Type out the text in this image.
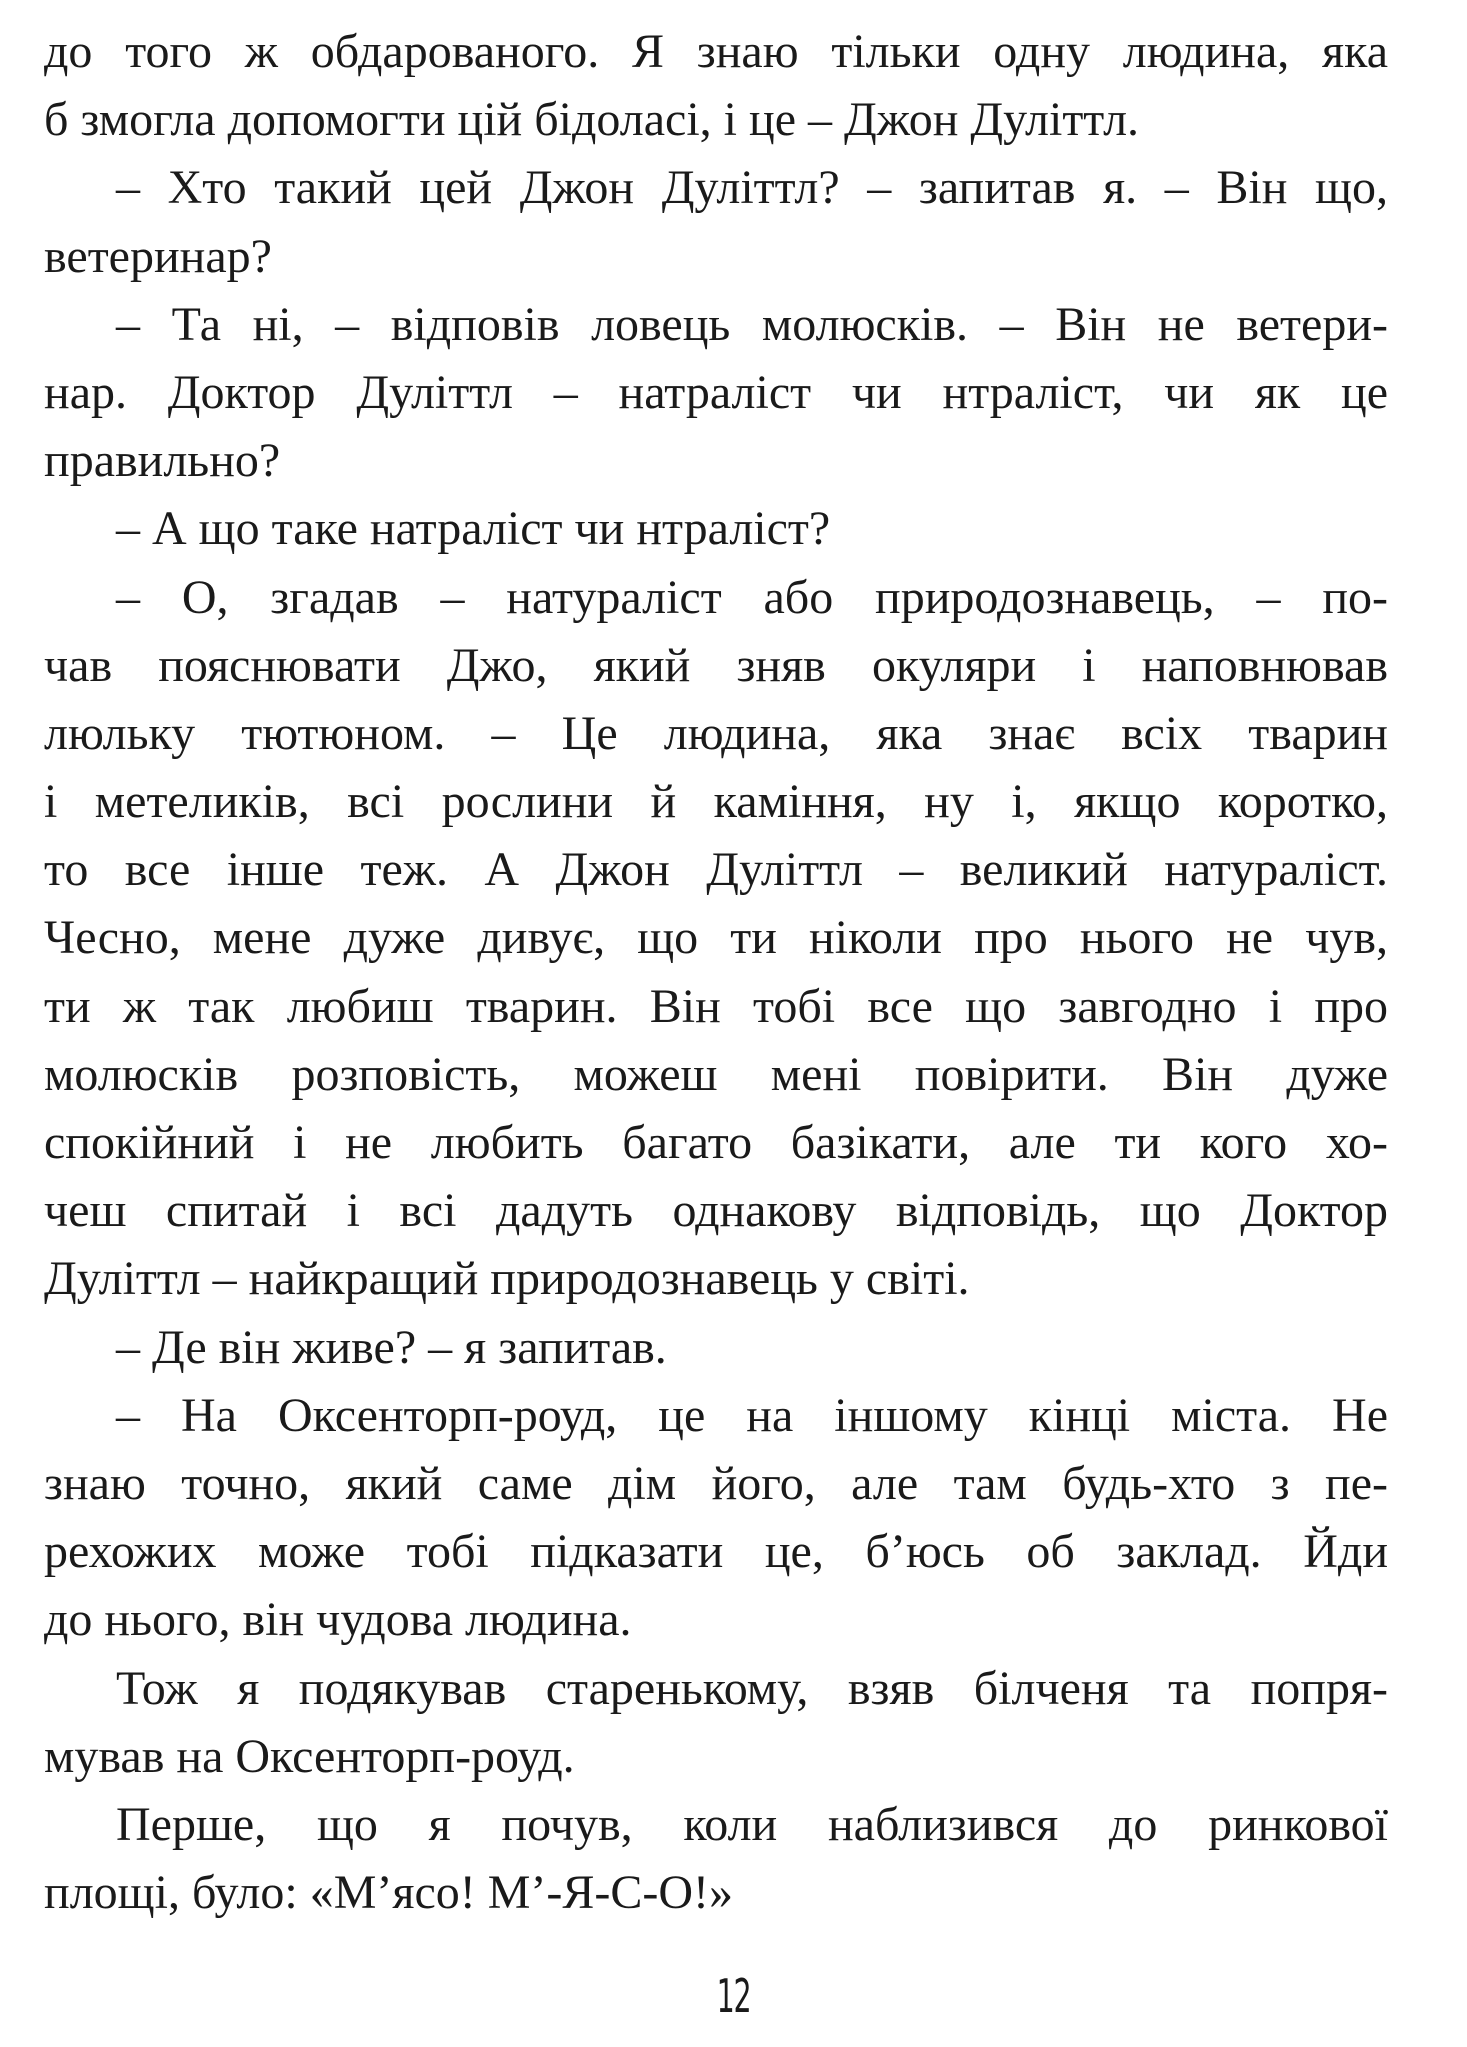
до того ж обдарованого. Я знаю тільки одну людина, яка
б змогла допомогти цій бідоласі, і це – Джон Дуліттл.
– Хто такий цей Джон Дуліттл? – запитав я. – Він що,
ветеринар?
– Та ні, – відповів ловець молюсків. – Він не ветери-
нар. Доктор Дуліттл – натраліст чи нтраліст, чи як це
правильно?
– А що таке натраліст чи нтраліст?
– О, згадав – натураліст або природознавець, – по-
чав пояснювати Джо, який зняв окуляри і наповнював
люльку тютюном. – Це людина, яка знає всіх тварин
і метеликів, всі рослини й каміння, ну і, якщо коротко,
то все інше теж. А Джон Дуліттл – великий натураліст.
Чесно, мене дуже дивує, що ти ніколи про нього не чув,
ти ж так любиш тварин. Він тобі все що завгодно і про
молюсків розповість, можеш мені повірити. Він дуже
спокійний і не любить багато базікати, але ти кого хо-
чеш спитай і всі дадуть однакову відповідь, що Доктор
Дуліттл – найкращий природознавець у світі.
– Де він живе? – я запитав.
– На Оксенторп-роуд, це на іншому кінці міста. Не
знаю точно, який саме дім його, але там будь-хто з пе-
рехожих може тобі підказати це, б’юсь об заклад. Йди
до нього, він чудова людина.
Тож я подякував старенькому, взяв білченя та попря-
мував на Оксенторп-роуд.
Перше, що я почув, коли наблизився до ринкової
площі, було: «М’ясо! М’-Я-С-О!»
12
